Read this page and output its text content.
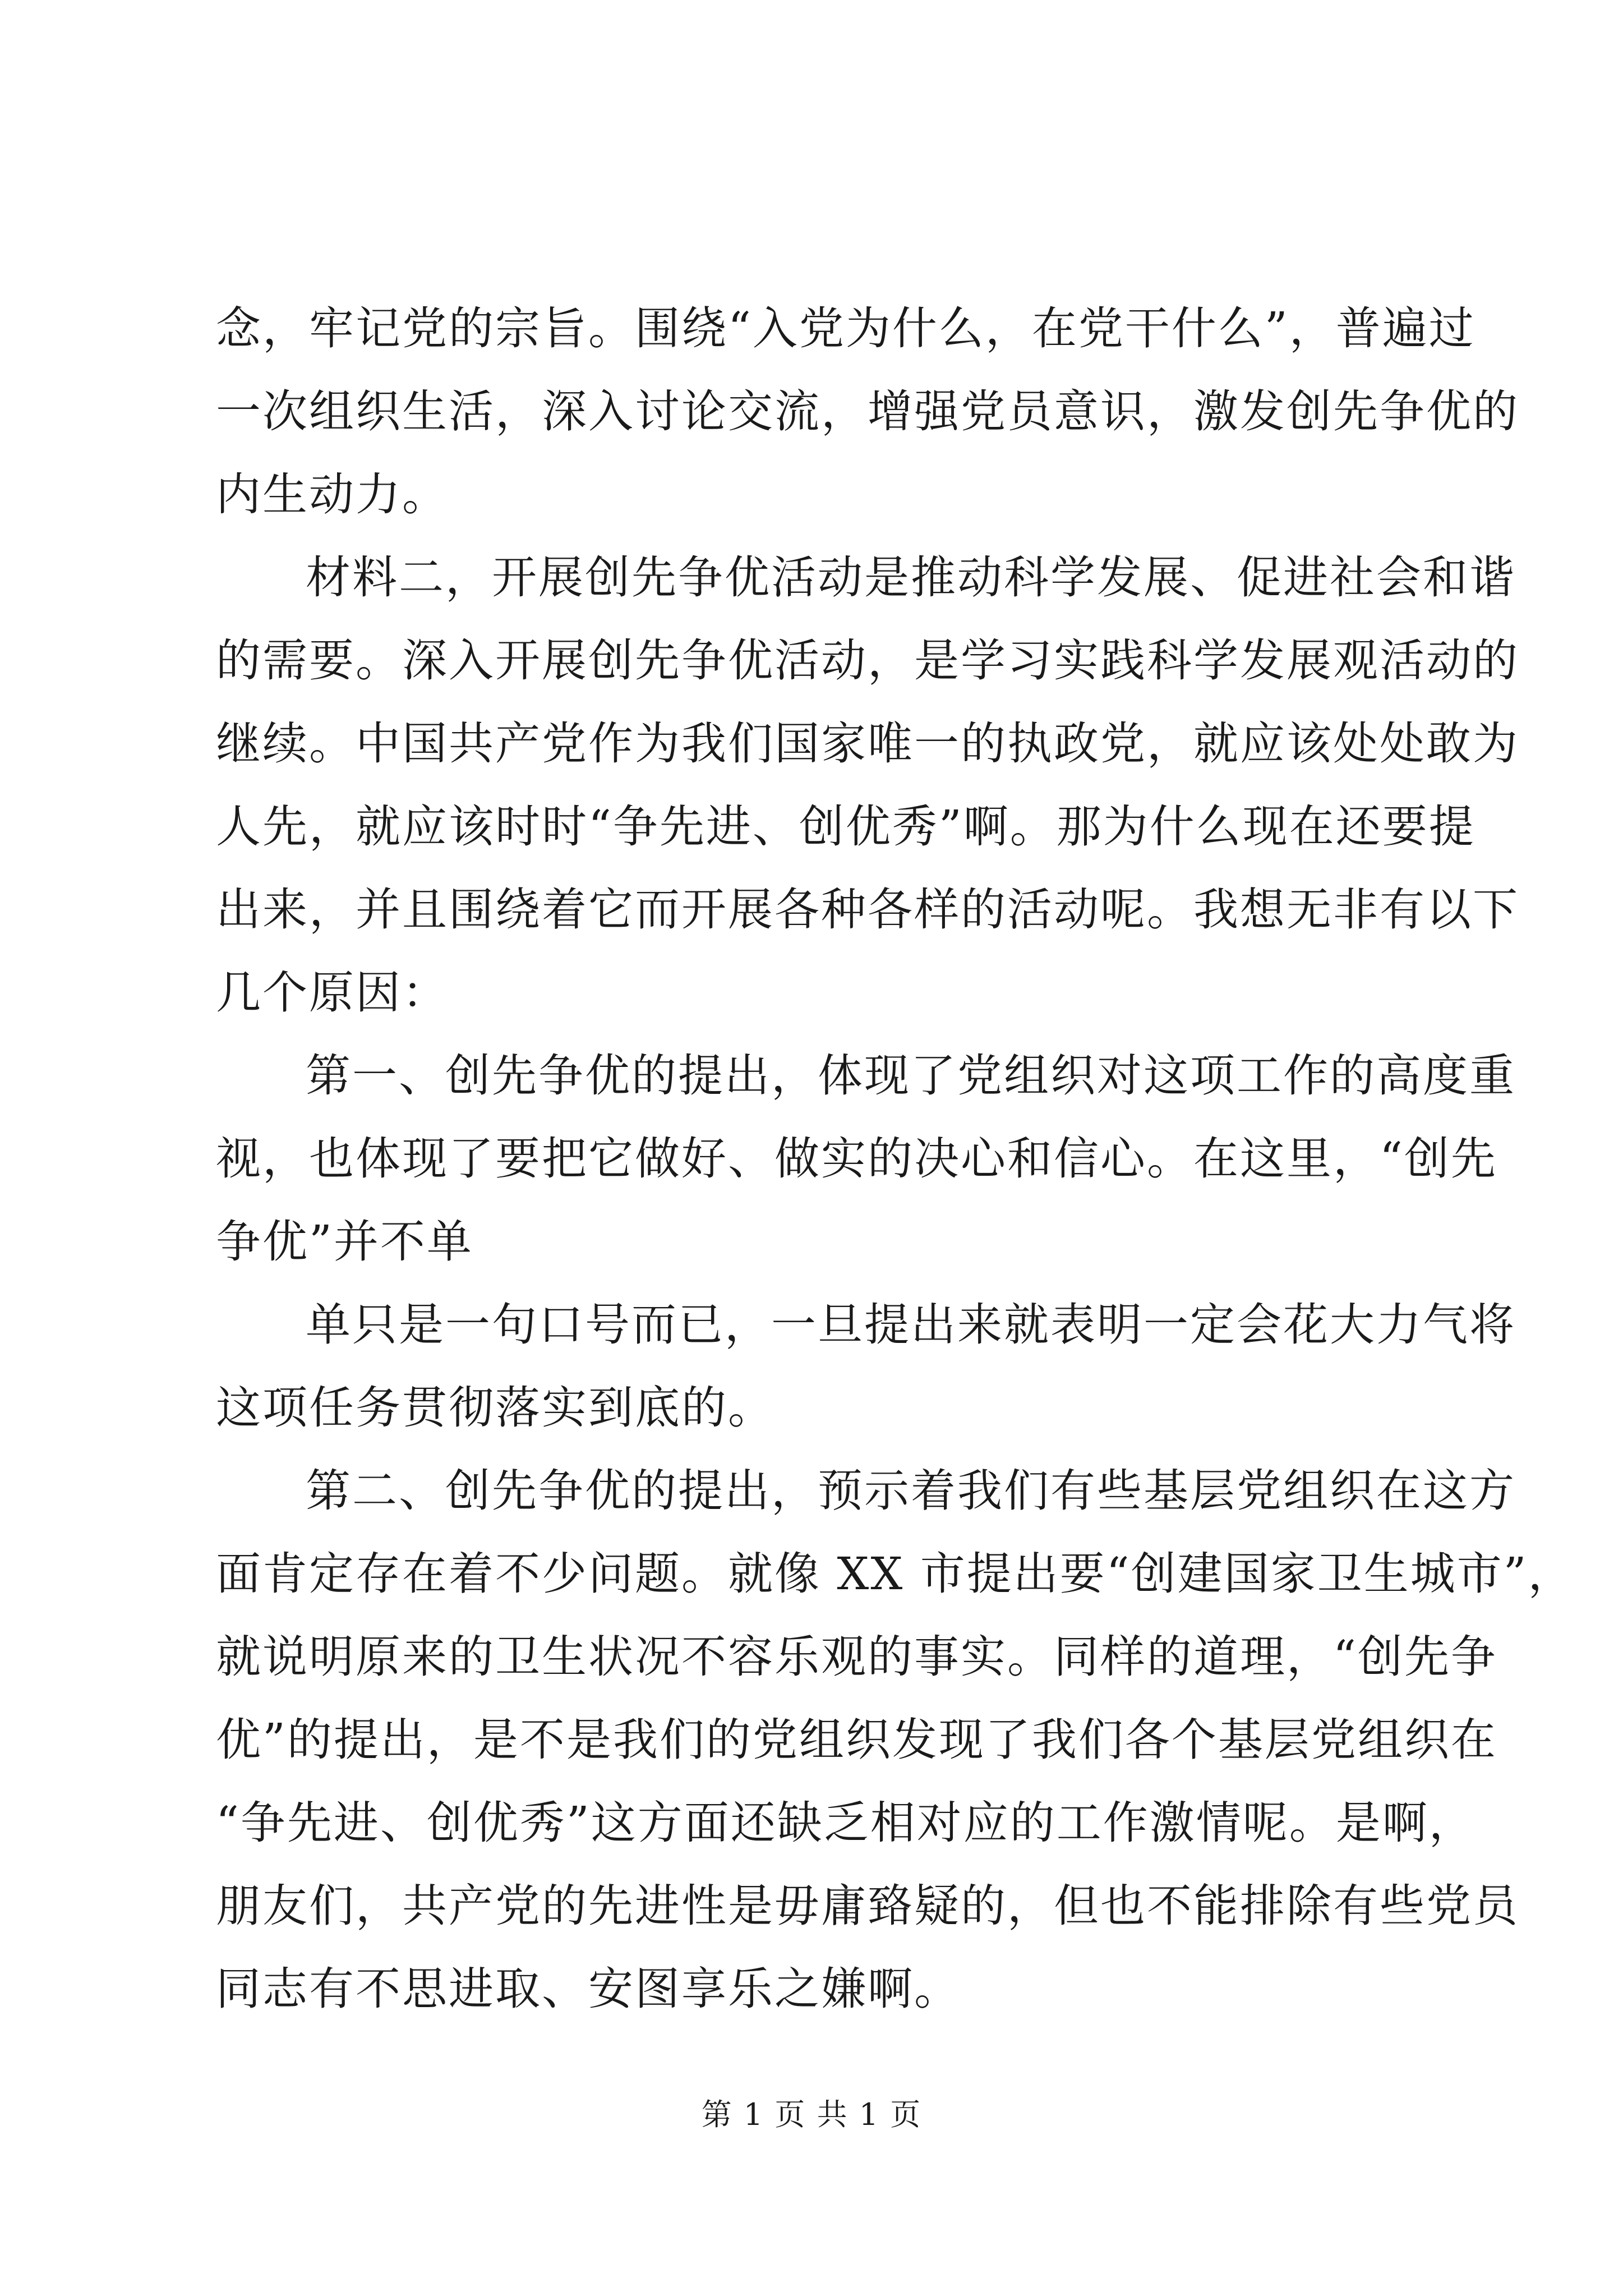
念，牢记党的宗旨。围绕“入党为什么，在党干什么”，普遍过
一次组织生活，深入讨论交流，增强党员意识，激发创先争优的
内生动力。
材料二，开展创先争优活动是推动科学发展、促进社会和谐
的需要。深入开展创先争优活动，是学习实践科学发展观活动的
继续。中国共产党作为我们国家唯一的执政党，就应该处处敢为
人先，就应该时时“争先进、创优秀”啊。那为什么现在还要提
出来，并且围绕着它而开展各种各样的活动呢。我想无非有以下
几个原因：
第一、创先争优的提出，体现了党组织对这项工作的高度重
视，也体现了要把它做好、做实的决心和信心。在这里，“创先
争优”并不单
单只是一句口号而已，一旦提出来就表明一定会花大力气将
这项任务贯彻落实到底的。
第二、创先争优的提出，预示着我们有些基层党组织在这方
面肯定存在着不少问题。就像 XX 市提出要“创建国家卫生城市”，
就说明原来的卫生状况不容乐观的事实。同样的道理，“创先争
优”的提出，是不是我们的党组织发现了我们各个基层党组织在
“争先进、创优秀”这方面还缺乏相对应的工作激情呢。是啊，
朋友们，共产党的先进性是毋庸臵疑的，但也不能排除有些党员
同志有不思进取、安图享乐之嫌啊。
第 1 页 共 1 页
